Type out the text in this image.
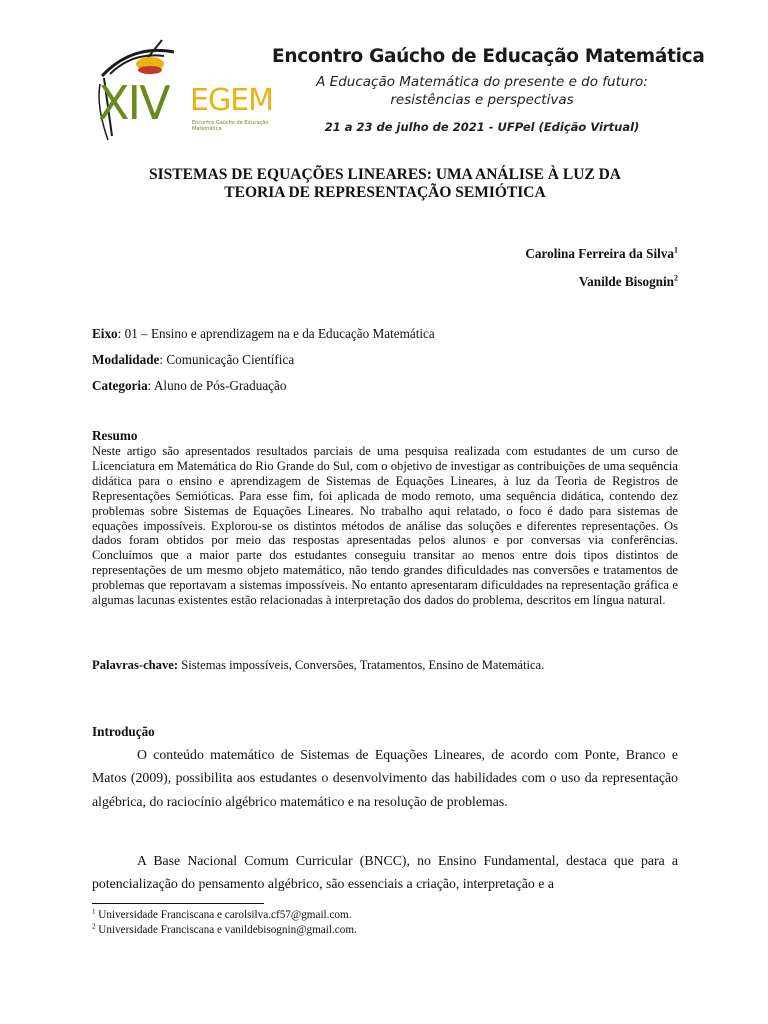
XIV EGEM
Encontro Gaúcho de Educação Matemática
Encontro Gaúcho de Educação Matemática
A Educação Matemática do presente e do futuro:
resistências e perspectivas
21 a 23 de julho de 2021 - UFPel (Edição Virtual)
SISTEMAS DE EQUAÇÕES LINEARES: UMA ANÁLISE À LUZ DA
TEORIA DE REPRESENTAÇÃO SEMIÓTICA
Carolina Ferreira da Silva$^1$
Vanilde Bisognin$^2$
Eixo: 01 – Ensino e aprendizagem na e da Educação Matemática
Modalidade: Comunicação Científica
Categoria: Aluno de Pós-Graduação
Resumo

Neste artigo são apresentados resultados parciais de uma pesquisa realizada com estudantes de um curso de Licenciatura em Matemática do Rio Grande do Sul, com o objetivo de investigar as contribuições de uma sequência didática para o ensino e aprendizagem de Sistemas de Equações Lineares, à luz da Teoria de Registros de Representações Semióticas. Para esse fim, foi aplicada de modo remoto, uma sequência didática, contendo dez problemas sobre Sistemas de Equações Lineares. No trabalho aqui relatado, o foco é dado para sistemas de equações impossíveis. Explorou-se os distintos métodos de análise das soluções e diferentes representações. Os dados foram obtidos por meio das respostas apresentadas pelos alunos e por conversas via conferências. Concluímos que a maior parte dos estudantes conseguiu transitar ao menos entre dois tipos distintos de representações de um mesmo objeto matemático, não tendo grandes dificuldades nas conversões e tratamentos de problemas que reportavam a sistemas impossíveis. No entanto apresentaram dificuldades na representação gráfica e algumas lacunas existentes estão relacionadas à interpretação dos dados do problema, descritos em língua natural.

Palavras-chave: Sistemas impossíveis, Conversões, Tratamentos, Ensino de Matemática.
Introdução

O conteúdo matemático de Sistemas de Equações Lineares, de acordo com Ponte, Branco e Matos (2009), possibilita aos estudantes o desenvolvimento das habilidades com o uso da representação algébrica, do raciocínio algébrico matemático e na resolução de problemas.

A Base Nacional Comum Curricular (BNCC), no Ensino Fundamental, destaca que para a potencialização do pensamento algébrico, são essenciais a criação, interpretação e a

$^1$ Universidade Franciscana e carolsilva.cf57@gmail.com.
$^2$ Universidade Franciscana e vanildebisognin@gmail.com.
